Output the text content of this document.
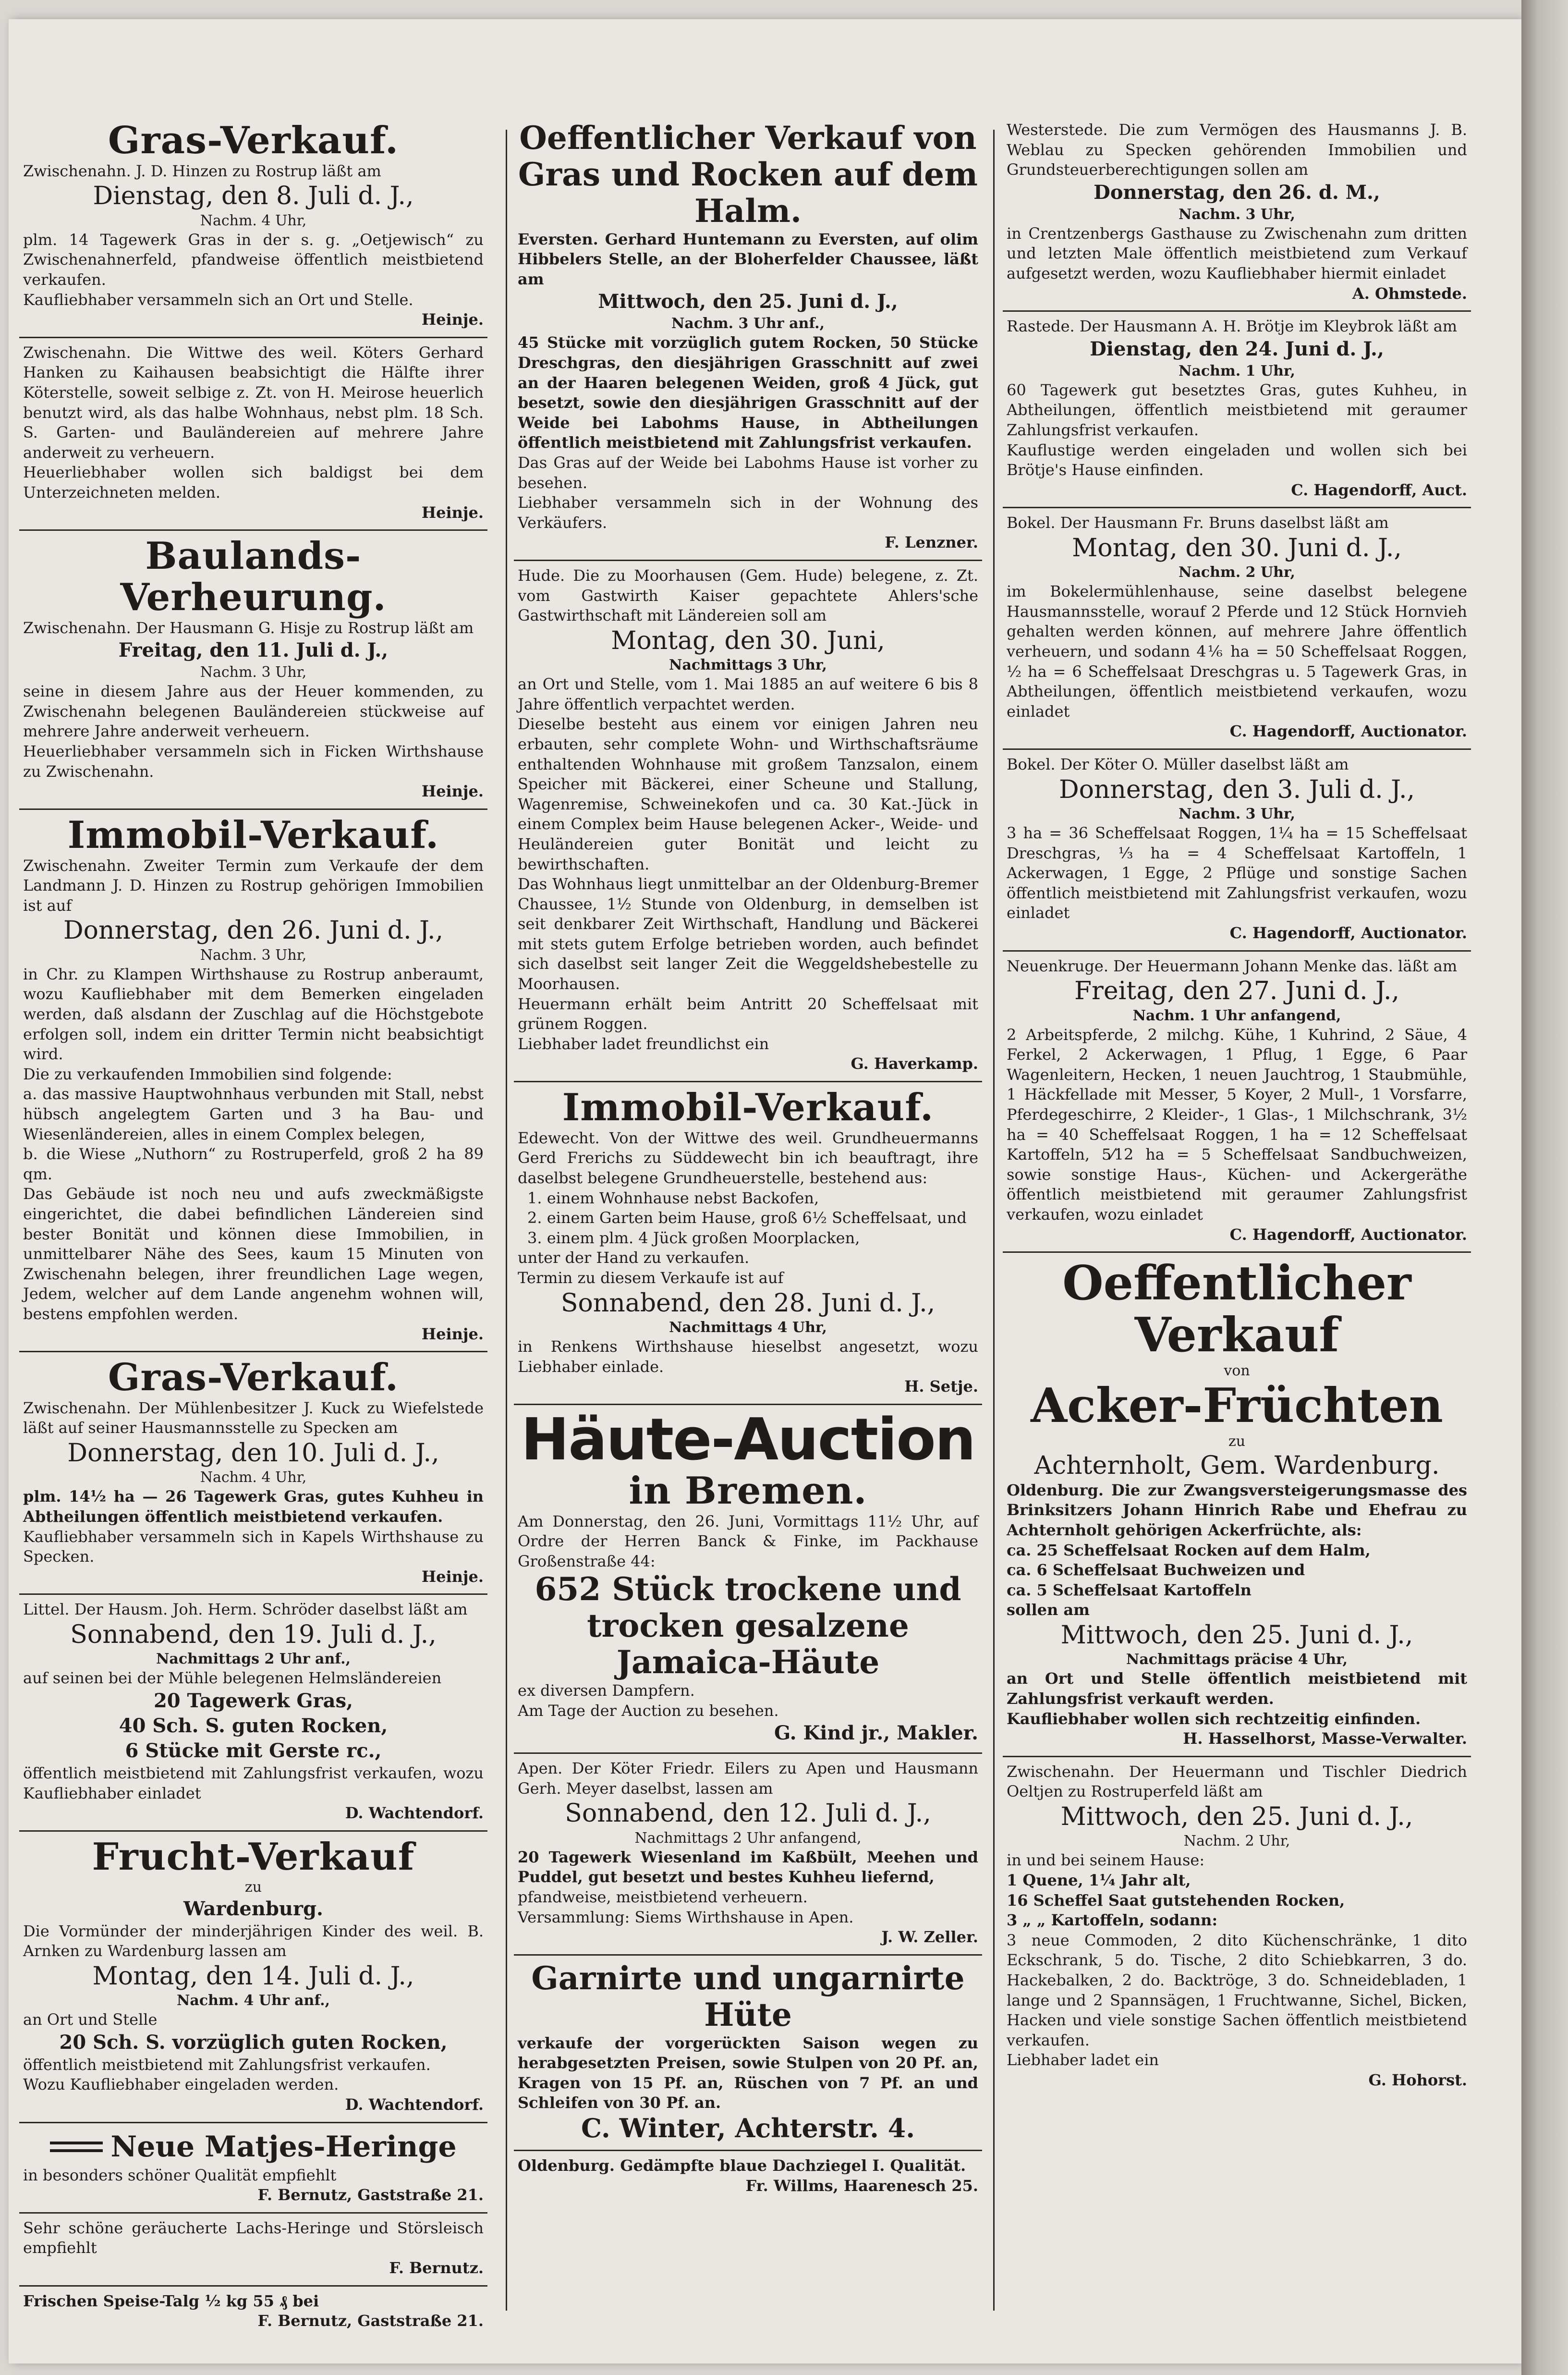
Gras-Verkauf.

Zwischenahn. J. D. Hinzen zu Rostrup läßt am

Dienstag, den 8. Juli d. J.,

Nachm. 4 Uhr,

plm. 14 Tagewerk Gras in der s. g. „Oetjewisch“ zu Zwischenahnerfeld, pfandweise öffentlich meistbietend verkaufen.

Kaufliebhaber versammeln sich an Ort und Stelle.

Heinje.

Zwischenahn. Die Wittwe des weil. Köters Gerhard Hanken zu Kaihausen beabsichtigt die Hälfte ihrer Köterstelle, soweit selbige z. Zt. von H. Meirose heuerlich benutzt wird, als das halbe Wohnhaus, nebst plm. 18 Sch. S. Garten- und Bauländereien auf mehrere Jahre anderweit zu verheuern.

Heuerliebhaber wollen sich baldigst bei dem Unterzeichneten melden.

Heinje.

Baulands-Verheurung.

Zwischenahn. Der Hausmann G. Hisje zu Rostrup läßt am

Freitag, den 11. Juli d. J.,

Nachm. 3 Uhr,

seine in diesem Jahre aus der Heuer kommenden, zu Zwischenahn belegenen Bauländereien stückweise auf mehrere Jahre anderweit verheuern.

Heuerliebhaber versammeln sich in Ficken Wirthshause zu Zwischenahn.

Heinje.

Immobil-Verkauf.

Zwischenahn. Zweiter Termin zum Verkaufe der dem Landmann J. D. Hinzen zu Rostrup gehörigen Immobilien ist auf

Donnerstag, den 26. Juni d. J.,

Nachm. 3 Uhr,

in Chr. zu Klampen Wirthshause zu Rostrup anberaumt, wozu Kaufliebhaber mit dem Bemerken eingeladen werden, daß alsdann der Zuschlag auf die Höchstgebote erfolgen soll, indem ein dritter Termin nicht beabsichtigt wird.

Die zu verkaufenden Immobilien sind folgende:

a. das massive Hauptwohnhaus verbunden mit Stall, nebst hübsch angelegtem Garten und 3 ha Bau- und Wiesenländereien, alles in einem Complex belegen,

b. die Wiese „Nuthorn“ zu Rostruperfeld, groß 2 ha 89 qm.

Das Gebäude ist noch neu und aufs zweckmäßigste eingerichtet, die dabei befindlichen Ländereien sind bester Bonität und können diese Immobilien, in unmittelbarer Nähe des Sees, kaum 15 Minuten von Zwischenahn belegen, ihrer freundlichen Lage wegen, Jedem, welcher auf dem Lande angenehm wohnen will, bestens empfohlen werden.

Heinje.

Gras-Verkauf.

Zwischenahn. Der Mühlenbesitzer J. Kuck zu Wiefelstede läßt auf seiner Hausmannsstelle zu Specken am

Donnerstag, den 10. Juli d. J.,

Nachm. 4 Uhr,

plm. 14½ ha — 26 Tagewerk Gras, gutes Kuhheu in Abtheilungen öffentlich meistbietend verkaufen.

Kaufliebhaber versammeln sich in Kapels Wirthshause zu Specken.

Heinje.

Littel. Der Hausm. Joh. Herm. Schröder daselbst läßt am

Sonnabend, den 19. Juli d. J.,

Nachmittags 2 Uhr anf.,

auf seinen bei der Mühle belegenen Helmsländereien

20 Tagewerk Gras,

40 Sch. S. guten Rocken,

6 Stücke mit Gerste rc.,

öffentlich meistbietend mit Zahlungsfrist verkaufen, wozu Kaufliebhaber einladet

D. Wachtendorf.

Frucht-Verkauf

zu

Wardenburg.

Die Vormünder der minderjährigen Kinder des weil. B. Arnken zu Wardenburg lassen am

Montag, den 14. Juli d. J.,

Nachm. 4 Uhr anf.,

an Ort und Stelle

20 Sch. S. vorzüglich guten Rocken,

öffentlich meistbietend mit Zahlungsfrist verkaufen.

Wozu Kaufliebhaber eingeladen werden.

D. Wachtendorf.

Neue Matjes-Heringe

in besonders schöner Qualität empfiehlt

F. Bernutz, Gaststraße 21.

Sehr schöne geräucherte Lachs-Heringe und Störsleisch empfiehlt

F. Bernutz.

Frischen Speise-Talg ½ kg 55 ₰ bei

F. Bernutz, Gaststraße 21.

Oeffentlicher Verkauf von Gras und Rocken auf dem Halm.

Eversten. Gerhard Huntemann zu Eversten, auf olim Hibbelers Stelle, an der Bloherfelder Chaussee, läßt am

Mittwoch, den 25. Juni d. J.,

Nachm. 3 Uhr anf.,

45 Stücke mit vorzüglich gutem Rocken, 50 Stücke Dreschgras, den diesjährigen Grasschnitt auf zwei an der Haaren belegenen Weiden, groß 4 Jück, gut besetzt, sowie den diesjährigen Grasschnitt auf der Weide bei Labohms Hause, in Abtheilungen öffentlich meistbietend mit Zahlungsfrist verkaufen.

Das Gras auf der Weide bei Labohms Hause ist vorher zu besehen.

Liebhaber versammeln sich in der Wohnung des Verkäufers.

F. Lenzner.

Hude. Die zu Moorhausen (Gem. Hude) belegene, z. Zt. vom Gastwirth Kaiser gepachtete Ahlers'sche Gastwirthschaft mit Ländereien soll am

Montag, den 30. Juni,

Nachmittags 3 Uhr,

an Ort und Stelle, vom 1. Mai 1885 an auf weitere 6 bis 8 Jahre öffentlich verpachtet werden.

Dieselbe besteht aus einem vor einigen Jahren neu erbauten, sehr complete Wohn- und Wirthschaftsräume enthaltenden Wohnhause mit großem Tanzsalon, einem Speicher mit Bäckerei, einer Scheune und Stallung, Wagenremise, Schweinekofen und ca. 30 Kat.-Jück in einem Complex beim Hause belegenen Acker-, Weide- und Heuländereien guter Bonität und leicht zu bewirthschaften.

Das Wohnhaus liegt unmittelbar an der Oldenburg-Bremer Chaussee, 1½ Stunde von Oldenburg, in demselben ist seit denkbarer Zeit Wirthschaft, Handlung und Bäckerei mit stets gutem Erfolge betrieben worden, auch befindet sich daselbst seit langer Zeit die Weggeldshebestelle zu Moorhausen.

Heuermann erhält beim Antritt 20 Scheffelsaat mit grünem Roggen.

Liebhaber ladet freundlichst ein

G. Haverkamp.

Immobil-Verkauf.

Edewecht. Von der Wittwe des weil. Grundheuermanns Gerd Frerichs zu Süddewecht bin ich beauftragt, ihre daselbst belegene Grundheuerstelle, bestehend aus:

1. einem Wohnhause nebst Backofen,

2. einem Garten beim Hause, groß 6½ Scheffelsaat, und

3. einem plm. 4 Jück großen Moorplacken,

unter der Hand zu verkaufen.

Termin zu diesem Verkaufe ist auf

Sonnabend, den 28. Juni d. J.,

Nachmittags 4 Uhr,

in Renkens Wirthshause hieselbst angesetzt, wozu Liebhaber einlade.

H. Setje.

Häute-Auction

in Bremen.

Am Donnerstag, den 26. Juni, Vormittags 11½ Uhr, auf Ordre der Herren Banck & Finke, im Packhause Großenstraße 44:

652 Stück trockene und trocken gesalzene Jamaica-Häute

ex diversen Dampfern.

Am Tage der Auction zu besehen.

G. Kind jr., Makler.

Apen. Der Köter Friedr. Eilers zu Apen und Hausmann Gerh. Meyer daselbst, lassen am

Sonnabend, den 12. Juli d. J.,

Nachmittags 2 Uhr anfangend,

20 Tagewerk Wiesenland im Kaßbült, Meehen und Puddel, gut besetzt und bestes Kuhheu liefernd,

pfandweise, meistbietend verheuern.

Versammlung: Siems Wirthshause in Apen.

J. W. Zeller.

Garnirte und ungarnirte Hüte

verkaufe der vorgerückten Saison wegen zu herabgesetzten Preisen, sowie Stulpen von 20 Pf. an, Kragen von 15 Pf. an, Rüschen von 7 Pf. an und Schleifen von 30 Pf. an.

C. Winter, Achterstr. 4.

Oldenburg. Gedämpfte blaue Dachziegel I. Qualität.

Fr. Willms, Haarenesch 25.

Westerstede. Die zum Vermögen des Hausmanns J. B. Weblau zu Specken gehörenden Immobilien und Grundsteuerberechtigungen sollen am

Donnerstag, den 26. d. M.,

Nachm. 3 Uhr,

in Crentzenbergs Gasthause zu Zwischenahn zum dritten und letzten Male öffentlich meistbietend zum Verkauf aufgesetzt werden, wozu Kaufliebhaber hiermit einladet

A. Ohmstede.

Rastede. Der Hausmann A. H. Brötje im Kleybrok läßt am

Dienstag, den 24. Juni d. J.,

Nachm. 1 Uhr,

60 Tagewerk gut besetztes Gras, gutes Kuhheu, in Abtheilungen, öffentlich meistbietend mit geraumer Zahlungsfrist verkaufen.

Kauflustige werden eingeladen und wollen sich bei Brötje's Hause einfinden.

C. Hagendorff, Auct.

Bokel. Der Hausmann Fr. Bruns daselbst läßt am

Montag, den 30. Juni d. J.,

Nachm. 2 Uhr,

im Bokelermühlenhause, seine daselbst belegene Hausmannsstelle, worauf 2 Pferde und 12 Stück Hornvieh gehalten werden können, auf mehrere Jahre öffentlich verheuern, und sodann 4⅙ ha = 50 Scheffelsaat Roggen, ½ ha = 6 Scheffelsaat Dreschgras u. 5 Tagewerk Gras, in Abtheilungen, öffentlich meistbietend verkaufen, wozu einladet

C. Hagendorff, Auctionator.

Bokel. Der Köter O. Müller daselbst läßt am

Donnerstag, den 3. Juli d. J.,

Nachm. 3 Uhr,

3 ha = 36 Scheffelsaat Roggen, 1¼ ha = 15 Scheffelsaat Dreschgras, ⅓ ha = 4 Scheffelsaat Kartoffeln, 1 Ackerwagen, 1 Egge, 2 Pflüge und sonstige Sachen öffentlich meistbietend mit Zahlungsfrist verkaufen, wozu einladet

C. Hagendorff, Auctionator.

Neuenkruge. Der Heuermann Johann Menke das. läßt am

Freitag, den 27. Juni d. J.,

Nachm. 1 Uhr anfangend,

2 Arbeitspferde, 2 milchg. Kühe, 1 Kuhrind, 2 Säue, 4 Ferkel, 2 Ackerwagen, 1 Pflug, 1 Egge, 6 Paar Wagenleitern, Hecken, 1 neuen Jauchtrog, 1 Staubmühle, 1 Häckfellade mit Messer, 5 Koyer, 2 Mull-, 1 Vorsfarre, Pferdegeschirre, 2 Kleider-, 1 Glas-, 1 Milchschrank, 3½ ha = 40 Scheffelsaat Roggen, 1 ha = 12 Scheffelsaat Kartoffeln, 5⁄12 ha = 5 Scheffelsaat Sandbuchweizen, sowie sonstige Haus-, Küchen- und Ackergeräthe öffentlich meistbietend mit geraumer Zahlungsfrist verkaufen, wozu einladet

C. Hagendorff, Auctionator.

Oeffentlicher Verkauf

von

Acker-Früchten

zu

Achternholt, Gem. Wardenburg.

Oldenburg. Die zur Zwangsversteigerungsmasse des Brinksitzers Johann Hinrich Rabe und Ehefrau zu Achternholt gehörigen Ackerfrüchte, als:

ca. 25 Scheffelsaat Rocken auf dem Halm,

ca. 6 Scheffelsaat Buchweizen und

ca. 5 Scheffelsaat Kartoffeln

sollen am

Mittwoch, den 25. Juni d. J.,

Nachmittags präcise 4 Uhr,

an Ort und Stelle öffentlich meistbietend mit Zahlungsfrist verkauft werden.

Kaufliebhaber wollen sich rechtzeitig einfinden.

H. Hasselhorst, Masse-Verwalter.

Zwischenahn. Der Heuermann und Tischler Diedrich Oeltjen zu Rostruperfeld läßt am

Mittwoch, den 25. Juni d. J.,

Nachm. 2 Uhr,

in und bei seinem Hause:

1 Quene, 1¼ Jahr alt,

16 Scheffel Saat gutstehenden Rocken,

3 „ „ Kartoffeln, sodann:

3 neue Commoden, 2 dito Küchenschränke, 1 dito Eckschrank, 5 do. Tische, 2 dito Schiebkarren, 3 do. Hackebalken, 2 do. Backtröge, 3 do. Schneidebladen, 1 lange und 2 Spannsägen, 1 Fruchtwanne, Sichel, Bicken, Hacken und viele sonstige Sachen öffentlich meistbietend verkaufen.

Liebhaber ladet ein

G. Hohorst.
